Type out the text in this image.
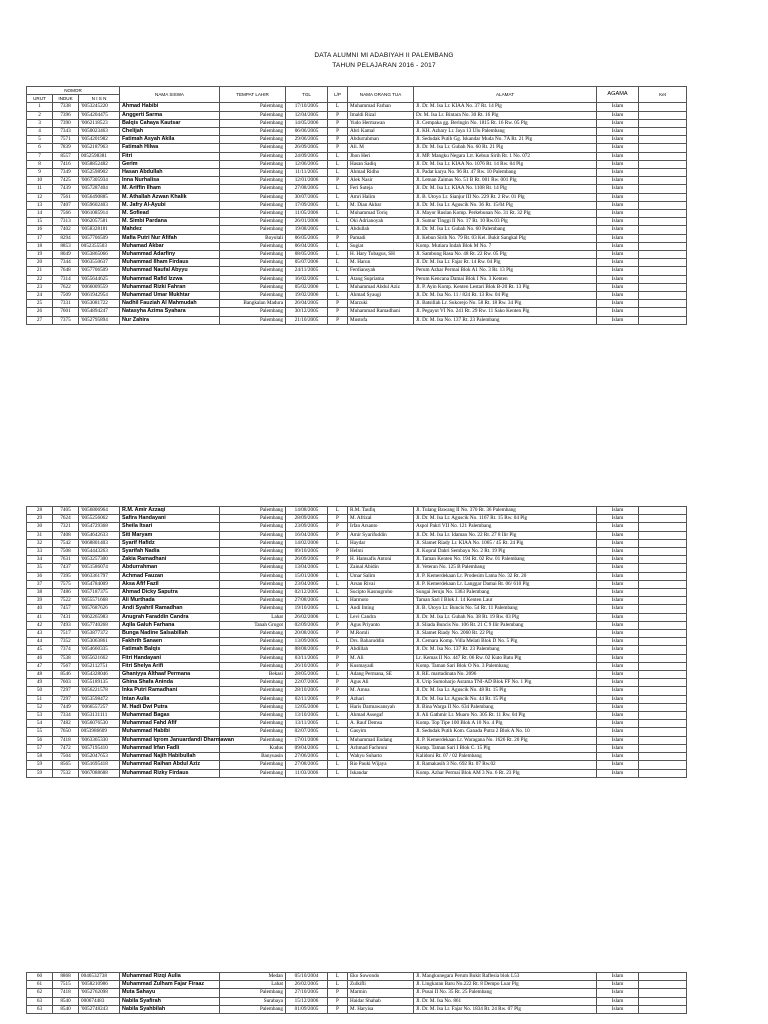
DATA ALUMNI MI ADABIYAH II PALEMBANG
TAHUN PELAJARAN 2016 - 2017
NOMOR			NAMA SISWA	TEMPAT LAHIR	TGL	L/P	NAMA ORANG TUA	ALAMAT	AGAMA	Ket
URUT	INDUK	N I S N								
1	7338	'0053245220	Ahmad Habibi	Palembang	17/10/2005	L	Muhammad Farhan	Jl. Dr. M. Isa Lr. KIAA No. 37 Rt. 14 Plg	Islam	
2	7396	'0054204475	Anggerti Sarma	Palembang	12/04/2005	P	Imaldi Rizal	Dr. M. Isa Lr. Bintara No. 30 Rt. 16 Plg	Islam	
3	7390	'0062118523	Balqis Cahaya Kautsar	Palembang	14/05/2006	P	Yudo Hermawan	Jl. Cempaka gg. Beringin No. 1815 Rt. 16 Rw. 05 Plg	Islam	
4	7343	'0050023463	Chelijah	Palembang	06/06/2005	P	Abri Kamal	Jl. KH. Azhary Lr. Jaya 13 Ulu Palembang	Islam	
5	7571	'0054201982	Fatimah Asyah Akila	Palembang	29/06/2005	P	Abdurrahman	Jl. Sedudak Putih Gg. Iskandar Muda No. 7A Rt. 21 Plg	Islam	
6	7839	'0052187963	Fatimah Hilwa	Palembang	26/09/2005	P	Ali. M	Jl. Dr. M. Isa Lr. Gubah No. 60 Rt. 21 Plg	Islam	
7	8557	0052598381	Fitri	Palembang	24/09/2005	L	Jhon Heri	Jl. MP. Mangku Negara Lrr. Kebun Sirih Rt. 1 No. 072	Islam	
8	7416	'0058852482	Gerim	Palembang	12/06/2005	L	Hasan Sadiq	Jl. Dr. M. Isa Lr. KIAA No. 1076 Rt. 14 Rw. 04 Plg	Islam	
9	7349	'0052598902	Hasan Abdullah	Palembang	11/11/2005	L	Ahmad Ridho	Jl. Padat karya No. 96 Rt. 47 Rw. 10 Palembang	Islam	
10	7425	'0067305934	Inna Nurhalisa	Palembang	12/01/2006	P	Alek Nasir	Jl. Letnan Zaimas No. 51 B Rt. 001 Rw. 001 Plg	Islam	
11	7439	'0057287404	M. Ariffin Ilham	Palembang	27/08/2005	L	Feri Suteja	Jl. Dr. M. Isa Lr. KIAA No. 1108 Rt. 14 Plg	Islam	
12	7561	'0056490885	M. Athallah Azwan Khalik	Palembang	30/07/2005	L	Amri Halim	Jl. B. Utoyo Lr. Sianjur III No. 229 Rt. 2 Rw. 01 Plg	Islam	
13	7407	'0059602403	M. Jafry Al-Ayubi	Palembang	17/09/2005	L	M. Dian Akbar	Jl. Dr. M. Isa Lr. Aguscik No. 36 Rt. 15/04 Plg	Islam	
14	7566	'0061085914	M. Sofiead	Palembang	11/05/2006	L	Muhammad Toriq	Jl. Mayor Ruslan Komp. Perkebunan No. 31 Rt. 32 Plg	Islam	
15	7313	'0062057581	M. Simbi Pardana	Palembang	26/01/2006	L	Oki Adrianoyah	Jl. Sumur Tinggi II No. 17 Rt. 10 Rw.03 Plg	Islam	
16	7402	'0058328181	Mahdez	Palembang	19/08/2005	L	Abdullah	Jl. Dr. M. Isa Lr. Gubah No. 60 Palembang	Islam	
17	8294	'0057706509	Mafia Putri Nur Afifah	Boyolali	06/05/2005	P	Pamadi	Jl. Kebun Sirih No. 79 Rt. 03 Kel. Bukit Sangkal Plg	Islam	
18	8853	0052355503	Muhamad Akbar	Palembang	06/04/2005	L	Sugiat	Komp. Mutiara Indah Blok M No. 7	Islam	
19	8049	'0053865066	Muhammad Adarfiny	Palembang	08/05/2005	L	H. Hary Tubagus, SH	Jl. Sambung Rasa No. 48 Rt. 22 Rw. 05 Plg	Islam	
20	7344	'0063550637	Muhammad Ilham Firdaus	Palembang	05/07/2006	L	M. Harun	Jl. Dr. M. Isa Lr. Fajar Rt. 14 Rw. 04 Plg	Islam	
21	7648	'0057706509	Muhammad Naufal Abyyu	Palembang	24/11/2005	L	Ferdiansyah	Perum Azhar Permai Blok A1 No. 3 Rt. 13 Plg	Islam	
22	7314	'0055644625	Muhammad Rafid Izzwa	Palembang	16/02/2005	L	Atang Supriatna	Perum Kencana Damai Blok I No. 3 Kenten	Islam	
23	7622	'0066009559	Muhammad Rizki Fahran	Palembang	05/02/2006	L	Muhammad Abdul Aziz	Jl. P. Ayin Komp. Kenten Lestari Blok B-20 Rt. 13 Plg	Islam	
24	7509	'0061942954	Muhammad Umar Mukhtar	Palembang	19/02/2006	L	Ahmad Syaugi	Jl. Dr. M. Isa No. 11 / 824 Rt. 13 Rw. 04 Plg	Islam	
25	7331	'0053081722	Nadhil Fauziah Al Mahmudah	Bangkalan Madura	26/04/2005	P	Marzuki	Jl. Batsillah Lr. Sukorejo No. 58 Rt. 18 Rw. 34 Plg	Islam	
26	7601	'0054894247	Natasyha Azima Syahara	Palembang	30/12/2005	P	Muhammad Ramadhani	Jl. Pegayut VI No. 241 Rt. 29 Rw. 11 Sako Kenten Plg	Islam	
27	7375	'0052795894	Nur Zahira	Palembang	21/10/2005	P	Mustofa	Jl. Dr. M. Isa No. 137 Rt. 23 Palembang	Islam	
28	7405	'0056806964	R.M. Amir Azzaqi	Palembang	14/08/2005	L	R.M. Taufiq	Jl. Tulang Bawang II No. 370 Rt. 36 Palembang	Islam	
29	7624	'0055256062	Safira Handayani	Palembang	28/09/2005	P	M. Afrizal	Jl. Dr. M. Isa Lr. Aguscik No. 1167 Rt. 15 Rw. 04 Plg	Islam	
30	7321	'0054729368	Sheila Itsari	Palembang	23/09/2005	P	Irfan Arsanto	Aspol Pakri VII No. 121 Palembang	Islam	
31	7408	'0054642633	Siti Maryam	Palembang	16/04/2005	P	Amir Syarifuddin	Jl. Dr. M. Isa Lr. Idaman No. 22 Rt. 27 8 Ilir Plg	Islam	
32	7542	'0068801403	Syarif Hafidz	Palembang	14/02/2006	L	Haydar	Jl. Slamet Riady Lr. KIAA No. 1065 / 45 Rt. 24 Plg	Islam	
33	7508	'0054443263	Syarifah Nadia	Palembang	09/10/2005	P	Helmi	Jl. Kopral Dahri Sembayu No. 2 Rt. 19 Plg	Islam	
34	7631	'0053257300	Zakia Ramadhani	Palembang	26/09/2005	P	H. Hamsafis Antoni	Jl. Taman Kenten No. 194 Rt. 02 Rw. 01 Palembang	Islam	
35	7437	'0051586074	Abdurrahman	Palembang	13/04/2005	L	Zainal Abidin	Jl. Veteran No. 125 B Palembang	Islam	
36	7395	'0063361797	Achmad Fauzan	Palembang	15/01/2006	L	Umar Salim	Jl. P. Kemerdekaan Lr. Prodesim Lama No. 32 Rt. 20	Islam	
37	7575	'0054784009	Aksa Afif Fazil	Palembang	23/04/2005	L	Arsan Rivai	Jl. P. Kemerdekaan Lr. Langgar Damai Rt. 06/ 610 Plg	Islam	
38	7486	'0057187375	Ahmad Dicky Saputra	Palembang	02/12/2005	L	Sucipto Kasnugroho	Sungai Jeruju No. 1363 Palembang	Islam	
39	7522	'0055571668	Ali Murthada	Palembang	27/08/2005	L	Harmoto	Taman Sari I Blok J. 14 Kenten Laut	Islam	
40	7457	'0057687626	Andi Syahril Ramadhan	Palembang	19/10/2005	L	Andi Iming	Jl. B. Utoyo Lr. Buncis No. 54 Rt. 11 Palembang	Islam	
41	7431	'0062265983	Anugrah Faraddin Candra	Lahat	26/02/2006	L	Levi Candra	Jl. Dr. M. Isa Lr. Gubah No. 38 Rt. 19 Rw. 03 Plg	Islam	
42	7493	'0057740268	Aqila Galuh Farhana	Tanah Grogot	02/09/2005	P	Agus Priyanto	Jl. Sliada Buncis No. 106 Rt. 21 C 9 Ilir Palembang	Islam	
43	7517	'0053877372	Bunga Nadine Salsabillah	Palembang	20/08/2005	P	M.Romli	Jl. Slamet Riady No. 2060 Rt. 22 Plg	Islam	
44	7352	'0053063861	Fakhrih Sanaen	Palembang	13/09/2005	L	Drs. Baharuddin	Jl. Cemara Komp. Villa Melati Blok D No. 5 Plg	Islam	
45	7374	'0054660335	Fatimah Balqis	Palembang	08/08/2005	P	Abdillah	Jl. Dr. M. Isa No. 137 Rt. 23 Palembang	Islam	
46	7538	'0055621662	Fitri Handayani	Palembang	03/11/2005	P	M. Ali	Lr. Kemas II No. 447 Rt. 06 Rw. 02 Kuto Batu Plg	Islam	
47	7567	'0052112751	Fitri Shelya Arifi	Palembang	26/10/2005	P	Kusmayadi	Komp. Taman Sari Blok O No. 3 Palembang	Islam	
48	8546	'0054328046	Ghaniyya Althaaf Permana	Bekasi	28/05/2005	L	Adang Permana, SE	Jl. RE. martadinata No. 2096	Islam	
49	7603	'0055189135	Ghina Shafa Aninda	Palembang	22/07/2005	P	Agus Ali	Jl. Urip Sumoharjo Asrama TNI-AD Blok FF No. 1 Plg	Islam	
50	7297	'0056221578	Inka Putri Ramadhani	Palembang	28/10/2005	P	M. Amna	Jl. Dr. M. Isa Lr. Aguscik No. 48 Rt. 15 Plg	Islam	
51	7297	'0053598472	Intan Aulia	Palembang	02/11/2005	P	Azhari	Jl. Dr. M. Isa Lr. Aguscik No. 44 Rt. 15 Plg	Islam	
52	7449	'0066557257	M. Hadi Dwi Putra	Palembang	12/05/2006	L	Haris Darmawansyah	Jl. Bina Warga II No. 634 Palembang	Islam	
53	7334	'0053131111	Muhammad Bagas	Palembang	13/10/2005	L	Ahmad Assegaf	Jl. Ali Gathmir Lr. Muaro No. 305 Rt. 11 Rw. 04 Plg	Islam	
54	7482	'0056076530	Muhammad Fahd Afif	Palembang	13/11/2005	L	A. Rauf Demsa	Komp. Top Tipe 100 Blok A 10 No. 4 Plg	Islam	
55	7650	0053986609	Muhammad Habibi	Palembang	02/07/2005	L	Gasyim	Jl. Sedudak Putih Kom. Ganada Putra 2 Blok A No. 10	Islam	
56	7418	'0063365330	Muhammad Iqrom Januardandi Dharmawan	Palembang	17/01/2006	L	Muhammad Endang	Jl. P. Kemerdekaan Lr. Waragana No. 1626 Rt. 20 Plg	Islam	
57	7472	'0057195410	Muhammad Irfan Fadli	Kudus	09/04/2005	L	Achmad Fachroni	Komp. Taman Sari I Blok C. 15 Plg	Islam	
58	7504	'0052047653	Muhammad Najih Habibullah	Banyuasin	27/06/2005	L	Wahyu Suharto	Kalidoni Rt. 07 / 02 Palembang	Islam	
59	8565	'0051695418	Muhammad Raihan Abdul Aziz	Palembang	27/08/2005	L	Rio Pauki Wijaya	Jl. Ramakasih 3 No. 692 Rt. 07 Rw.02	Islam	
59	7532	'0067088688	Muhammad Rizky Firdaus	Palembang	11/03/2006	L	Iskandar	Komp. Azhar Permai Blok AM 3 No. 6 Rt. 23 Plg	Islam	
60	8868	0046532738	Muhammad Rizqi Aulia	Medan	05/10/2004	L	Eko Suwondo	Jl. Mangkunegara Perum Bukit Raflesia blok L53	Islam	
61	7515	'0058210986	Muhammad Zulham Fajar Firaaz	Lahat	26/02/2005	L	Zulkifli	Jl. Lingkaran Baru No.222 Rt. 8 Dempo Luar Plg	Islam	
62	7418	'0052762098	Muta Sahayu	Palembang	27/10/2005	P	Marmin	Jl. Pusai II No. 35 Rt. 25 Palembang	Islam	
63	8540	000674483	Nabila Syafirah	Surabaya	15/12/2006	P	Haidar Shahab	Jl. Dr. M. Isa No. 861	Islam	
63	8540	'0052748243	Nabila Syahbilah	Palembang	01/09/2005	P	M. Haryisa	Jl. Dr. M. Isa Lr. Fajar No. 1834 Rt. 24 Rw. 07 Plg	Islam	
